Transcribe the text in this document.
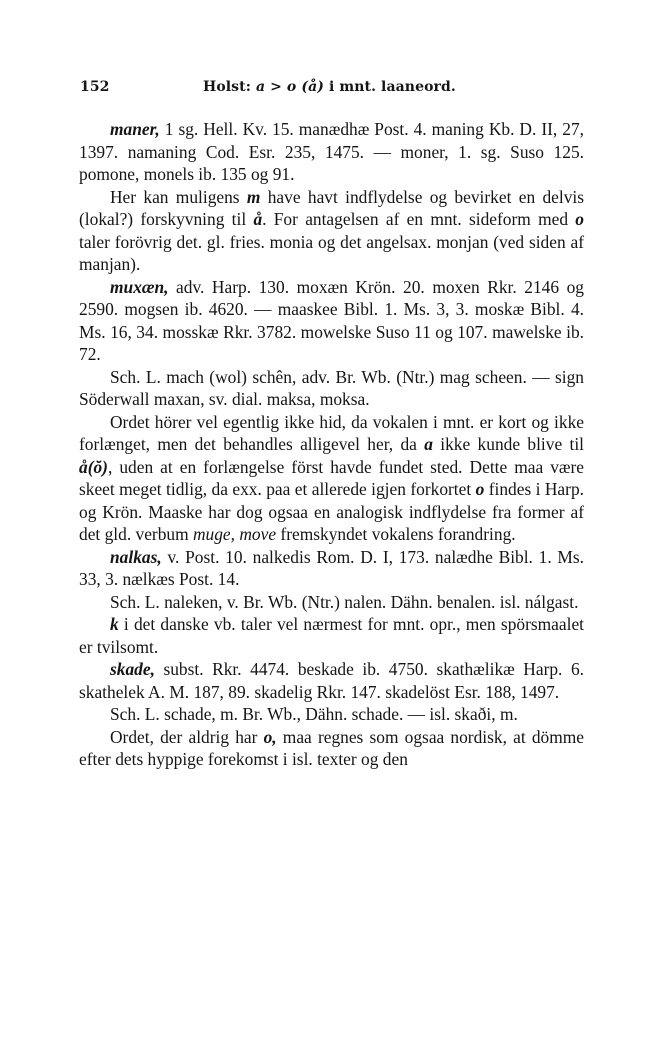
152	Holst: a > o (å) i mnt. laaneord.

maner, 1 sg. Hell. Kv. 15. manædhæ Post. 4. maning Kb. D. II, 27, 1397. namaning Cod. Esr. 235, 1475. — moner, 1. sg. Suso 125. pomone, monels ib. 135 og 91.

Her kan muligens m have havt indflydelse og bevirket en delvis (lokal?) forskyvning til å. For antagelsen af en mnt. sideform med o taler forövrig det. gl. fries. monia og det angelsax. monjan (ved siden af manjan).

muxæn, adv. Harp. 130. moxæn Krön. 20. moxen Rkr. 2146 og 2590. mogsen ib. 4620. — maaskee Bibl. 1. Ms. 3, 3. moskæ Bibl. 4. Ms. 16, 34. mosskæ Rkr. 3782. mowelske Suso 11 og 107. mawelske ib. 72.

Sch. L. mach (wol) schên, adv. Br. Wb. (Ntr.) mag scheen. — sign Söderwall maxan, sv. dial. maksa, moksa.

Ordet hörer vel egentlig ikke hid, da vokalen i mnt. er kort og ikke forlænget, men det behandles alligevel her, da a ikke kunde blive til å(ŏ), uden at en forlængelse först havde fundet sted. Dette maa være skeet meget tidlig, da exx. paa et allerede igjen forkortet o findes i Harp. og Krön. Maaske har dog ogsaa en analogisk indflydelse fra former af det gld. verbum muge, move fremskyndet vokalens forandring.

nalkas, v. Post. 10. nalkedis Rom. D. I, 173. nalædhe Bibl. 1. Ms. 33, 3. nælkæs Post. 14.

Sch. L. naleken, v. Br. Wb. (Ntr.) nalen. Dähn. benalen. isl. nálgast.

k i det danske vb. taler vel nærmest for mnt. opr., men spörsmaalet er tvilsomt.

skade, subst. Rkr. 4474. beskade ib. 4750. skathælikæ Harp. 6. skathelek A. M. 187, 89. skadelig Rkr. 147. skadelöst Esr. 188, 1497.

Sch. L. schade, m. Br. Wb., Dähn. schade. — isl. skaði, m.

Ordet, der aldrig har o, maa regnes som ogsaa nordisk, at dömme efter dets hyppige forekomst i isl. texter og den
